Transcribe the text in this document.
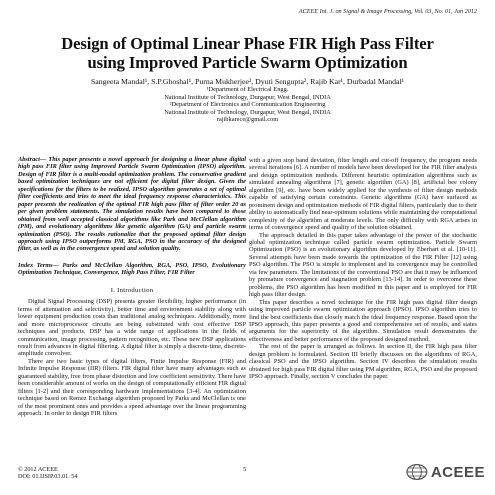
ACEEE Int. J. on Signal & Image Processing, Vol. 03, No. 01, Jan 2012
Design of Optimal Linear Phase FIR High Pass Filter
using Improved Particle Swarm Optimization
Sangeeta Mandal¹, S.P.Ghoshal¹, Purna Mukherjee², Dyuti Sengupta², Rajib Kar¹, Durbadal Mandal¹
¹Department of Electrical Engg.
National Institute of Technology, Durgapur, West Bengal, INDIA
²Department of Electronics and Communication Engineering
National Institute of Technology, Durgapur, West Bengal, INDIA
rajibkarece@gmail.com

Abstract— This paper presents a novel approach for designing a linear phase digital high pass FIR filter using Improved Particle Swarm Optimization (IPSO) algorithm. Design of FIR filter is a multi-modal optimization problem. The conservative gradient based optimization techniques are not efficient for digital filter design. Given the specifications for the filters to be realized, IPSO algorithm generates a set of optimal filter coefficients and tries to meet the ideal frequency response characteristics. This paper presents the realization of the optimal FIR high pass filter of filter order 20 as per given problem statements. The simulation results have been compared to those obtained from well accepted classical algorithms like Park and McClellan algorithm (PM), and evolutionary algorithms like genetic algorithm (GA) and particle swarm optimization (PSO). The results rationalize that the proposed optimal filter design approach using IPSO outperforms PM, RGA, PSO in the accuracy of the designed filter, as well as in the convergence speed and solution quality.

Index Terms— Parks and McClellan Algorithm, RGA, PSO, IPSO, Evolutionary Optimization Technique, Convergence, High Pass Filter, FIR Filter

I. Introduction

Digital Signal Processing (DSP) presents greater flexibility, higher performance (in terms of attenuation and selectivity), better time and environment stability along with lower equipment production costs than traditional analog techniques. Additionally, more and more microprocessor circuits are being substituted with cost effective DSP techniques and products. DSP has a wide range of applications in the fields of communication, image processing, pattern recognition, etc. These new DSP applications result from advances in digital filtering. A digital filter is simply a discrete-time, discrete-amplitude convolver.

There are two basic types of digital filters, Finite Impulse Response (FIR) and Infinite Impulse Response (IIR) filters. FIR digital filter have many advantages such as guaranteed stability, free from phase distortion and low coefficient sensitivity. There have been considerable amount of works on the design of computationally efficient FIR digital filters [1-2] and their corresponding hardware implementations [3-4]. An optimization technique based on Remez Exchange algorithm proposed by Parks and McClellan is one of the most prominent ones and provides a speed advantage over the linear programming approach. In order to design FIR filters

with a given stop band deviation, filter length and cut-off frequency, the program needs several iterations [6]. A number of models have been developed for the FIR filter analysis and design optimization methods. Different heuristic optimization algorithms such as simulated annealing algorithms [7], genetic algorithm (GA) [8], artificial bee colony algorithm [9], etc. have been widely applied for the synthesis of filter design methods capable of satisfying certain constraints. Genetic algorithms (GA) have surfaced as prominent design and optimization methods of FIR digital filters, particularly due to their ability to automatically find near-optimum solutions while maintaining the computational complexity of the algorithm at moderate levels. The only difficulty with RGA arises in terms of convergence speed and quality of the solution obtained.

The approach detailed in this paper takes advantage of the power of the stochastic global optimization technique called particle swarm optimization. Particle Swarm Optimization (PSO) is an evolutionary algorithm developed by Eberhart et al. [10-11]. Several attempts have been made towards the optimization of the FIR Filter [12] using PSO algorithm. The PSO is simple to implement and its convergence may be controlled via few parameters. The limitations of the conventional PSO are that it may be influenced by premature convergence and stagnation problem [13-14]. In order to overcome these problems, the PSO algorithm has been modified in this paper and is employed for FIR high pass filter design.

This paper describes a novel technique for the FIR high pass digital filter design using improved particle swarm optimization approach (IPSO). IPSO algorithm tries to find the best coefficients that closely match the ideal frequency response. Based upon the IPSO approach, this paper presents a good and comprehensive set of results, and states arguments for the superiority of the algorithm. Simulation result demonstrates the effectiveness and better performance of the proposed designed method.

The rest of the paper is arranged as follows. In section II, the FIR high pass filter design problem is formulated. Section III briefly discusses on the algorithms of RGA, classical PSO and the IPSO algorithm. Section IV describes the simulation results obtained for high pass FIR digital filter using PM algorithm, RGA, PSO and the proposed IPSO approach. Finally, section V concludes the paper.

© 2012 ACEEE
DOI: 01.IJSIP.03.01. 54
5	ACEEE
